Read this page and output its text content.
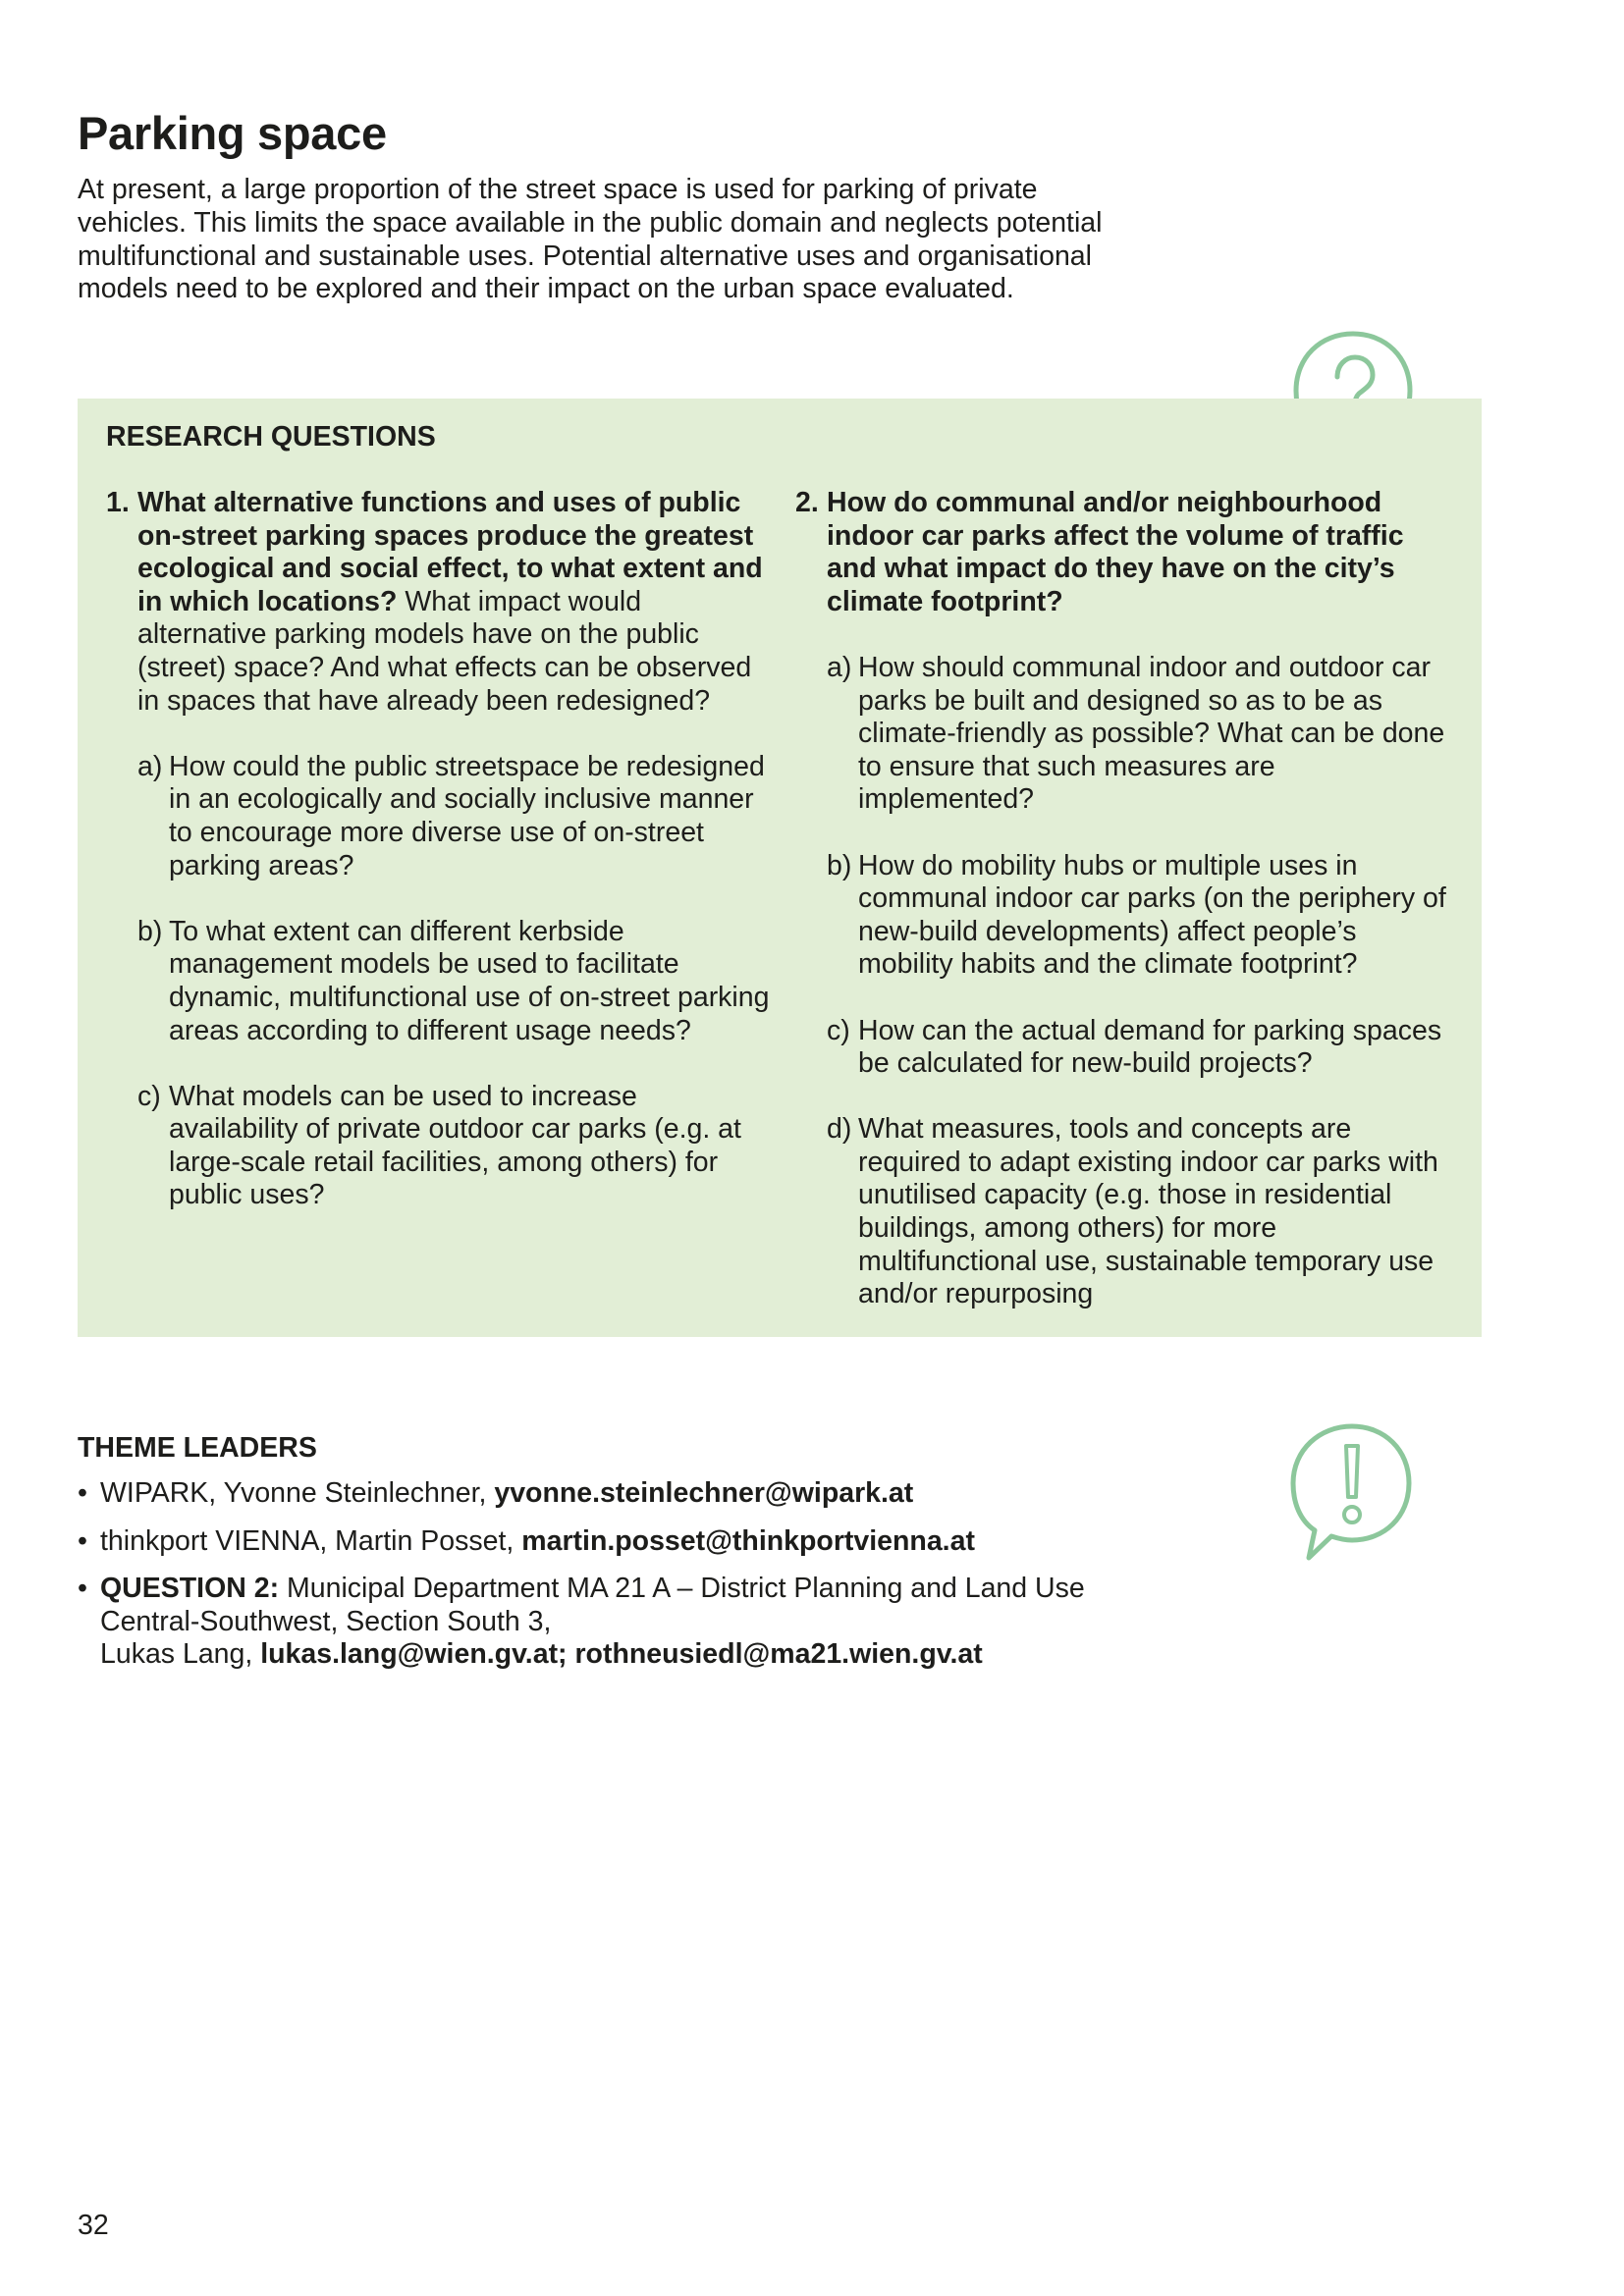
Parking space

At present, a large proportion of the street space is used for parking of private vehicles. This limits the space available in the public domain and neglects potential multifunctional and sustainable uses. Potential alternative uses and organisational models need to be explored and their impact on the urban space evaluated.

RESEARCH QUESTIONS
1. What alternative functions and uses of public on-street parking spaces produce the greatest ecological and social effect, to what extent and in which locations? What impact would alternative parking models have on the public (street) space? And what effects can be observed in spaces that have already been redesigned?
a) How could the public streetspace be redesigned in an ecologically and socially inclusive manner to encourage more diverse use of on-street parking areas?
b) To what extent can different kerbside management models be used to facilitate dynamic, multifunctional use of on-street parking areas according to different usage needs?
c) What models can be used to increase availability of private outdoor car parks (e.g. at large-scale retail facilities, among others) for public uses?
2. How do communal and/or neighbourhood indoor car parks affect the volume of traffic and what impact do they have on the city’s climate footprint?
a) How should communal indoor and outdoor car parks be built and designed so as to be as climate-friendly as possible? What can be done to ensure that such measures are implemented?
b) How do mobility hubs or multiple uses in communal indoor car parks (on the periphery of new-build developments) affect people’s mobility habits and the climate footprint?
c) How can the actual demand for parking spaces be calculated for new-build projects?
d) What measures, tools and concepts are required to adapt existing indoor car parks with unutilised capacity (e.g. those in residential buildings, among others) for more multifunctional use, sustainable temporary use and/or repurposing
THEME LEADERS
• WIPARK, Yvonne Steinlechner, yvonne.steinlechner@wipark.at
• thinkport VIENNA, Martin Posset, martin.posset@thinkportvienna.at
• QUESTION 2: Municipal Department MA 21 A – District Planning and Land Use
Central-Southwest, Section South 3,
Lukas Lang, lukas.lang@wien.gv.at; rothneusiedl@ma21.wien.gv.at
32
